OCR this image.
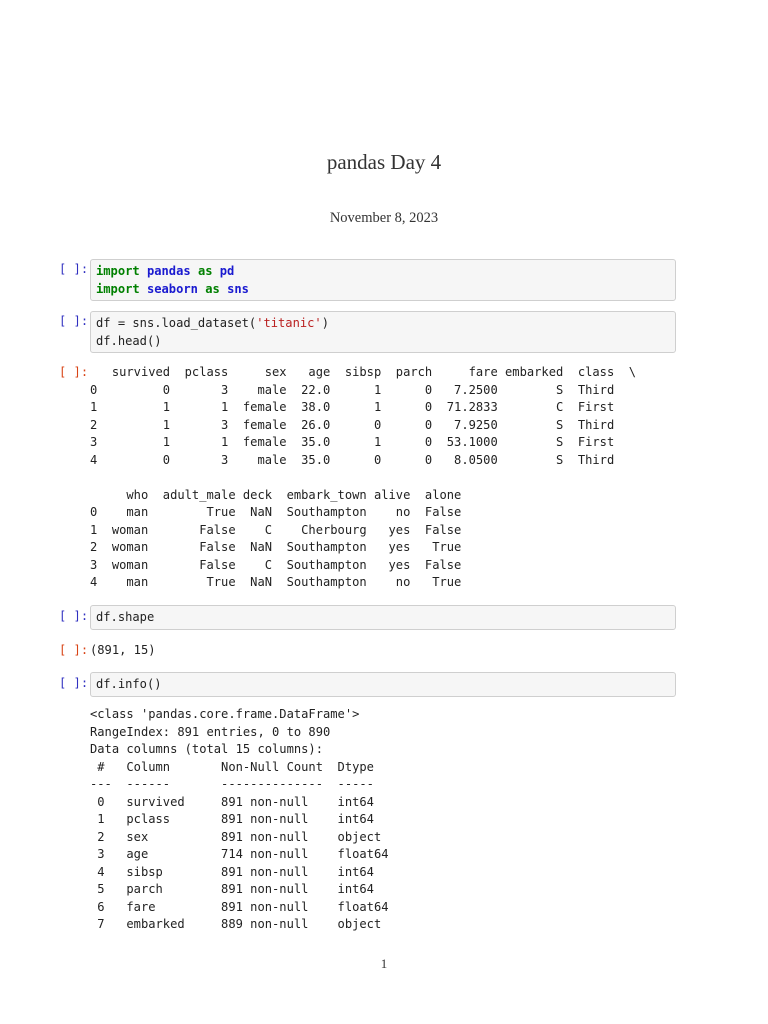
pandas Day 4
November 8, 2023
[ ]: import pandas as pd
import seaborn as sns
[ ]: df = sns.load_dataset('titanic')
df.head()
[ ]: survived  pclass     sex   age  sibsp  parch     fare embarked  class  \
0         0       3    male  22.0      1      0   7.2500        S  Third
1         1       1  female  38.0      1      0  71.2833        C  First
2         1       3  female  26.0      0      0   7.9250        S  Third
3         1       1  female  35.0      1      0  53.1000        S  First
4         0       3    male  35.0      0      0   8.0500        S  Third
who  adult_male deck  embark_town alive  alone
0    man        True  NaN  Southampton    no  False
1  woman       False    C    Cherbourg   yes  False
2  woman       False  NaN  Southampton   yes   True
3  woman       False    C  Southampton   yes  False
4    man        True  NaN  Southampton    no   True
[ ]: df.shape
[ ]: (891, 15)
[ ]: df.info()
<class 'pandas.core.frame.DataFrame'>
RangeIndex: 891 entries, 0 to 890
Data columns (total 15 columns):
#   Column       Non-Null Count  Dtype
---  ------       --------------  -----
0   survived     891 non-null    int64
1   pclass       891 non-null    int64
2   sex          891 non-null    object
3   age          714 non-null    float64
4   sibsp        891 non-null    int64
5   parch        891 non-null    int64
6   fare         891 non-null    float64
7   embarked     889 non-null    object
1
